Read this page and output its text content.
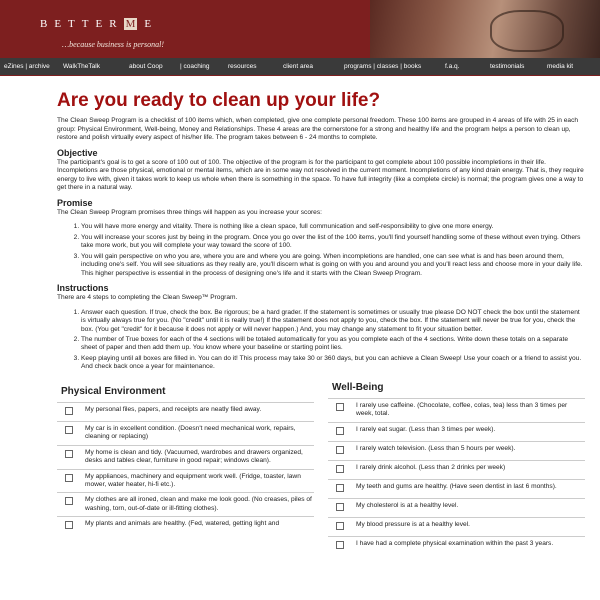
BETTER M E
…because business is personal!
eZines | archive	WalkTheTalk	about Coop	| coaching	resources	client area	programs | classes | books	f.a.q.	testimonials	media kit
Are you ready to clean up your life?

The Clean Sweep Program is a checklist of 100 items which, when completed, give one complete personal freedom. These 100 items are grouped in 4 areas of life with 25 in each group: Physical Environment, Well-being, Money and Relationships. These 4 areas are the cornerstone for a strong and healthy life and the program helps a person to clean up, restore and polish virtually every aspect of his/her life. The program takes between 6 - 24 months to complete.

Objective

The participant's goal is to get a score of 100 out of 100. The objective of the program is for the participant to get complete about 100 possible incompletions in their life. Incompletions are those physical, emotional or mental items, which are in some way not resolved in the current moment. Incompletions of any kind drain energy. That is, they require energy to live with, given it takes work to keep us whole when there is something in the space. To have full integrity (like a complete circle) is normal; the program gives one a way to get there in a natural way.

Promise

The Clean Sweep Program promises three things will happen as you increase your scores:

1. You will have more energy and vitality. There is nothing like a clean space, full communication and self-responsibility to give one more energy.
2. You will increase your scores just by being in the program. Once you go over the list of the 100 items, you'll find yourself handling some of these without even trying. Others take more work, but you will complete your way toward the score of 100.
3. You will gain perspective on who you are, where you are and where you are going. When incompletions are handled, one can see what is and has been around them, including one's self. You will see situations as they really are, you'll discern what is going on with you and around you and you'll react less and choose more in your daily life. This higher perspective is essential in the process of designing one's life and it starts with the Clean Sweep Program.
Instructions

There are 4 steps to completing the Clean Sweep™ Program.

1. Answer each question. If true, check the box. Be rigorous; be a hard grader. If the statement is sometimes or usually true please DO NOT check the box until the statement is virtually always true for you. (No "credit" until it is really true!) If the statement does not apply to you, check the box. If the statement will never be true for you, check the box. (You get "credit" for it because it does not apply or will never happen.) And, you may change any statement to fit your situation better.
2. The number of True boxes for each of the 4 sections will be totaled automatically for you as you complete each of the 4 sections. Write down these totals on a separate sheet of paper and then add them up. You know where your baseline or starting point lies.
3. Keep playing until all boxes are filled in. You can do it! This process may take 30 or 360 days, but you can achieve a Clean Sweep! Use your coach or a friend to assist you. And check back once a year for maintenance.
Physical Environment
My personal files, papers, and receipts are neatly filed away.
My car is in excellent condition. (Doesn't need mechanical work, repairs, cleaning or replacing)
My home is clean and tidy. (Vacuumed, wardrobes and drawers organized, desks and tables clear, furniture in good repair; windows clean).
My appliances, machinery and equipment work well. (Fridge, toaster, lawn mower, water heater, hi-fi etc.).
My clothes are all ironed, clean and make me look good. (No creases, piles of washing, torn, out-of-date or ill-fitting clothes).
My plants and animals are healthy. (Fed, watered, getting light and
Well-Being
I rarely use caffeine. (Chocolate, coffee, colas, tea) less than 3 times per week, total.
I rarely eat sugar. (Less than 3 times per week).
I rarely watch television. (Less than 5 hours per week).
I rarely drink alcohol. (Less than 2 drinks per week)
My teeth and gums are healthy. (Have seen dentist in last 6 months).
My cholesterol is at a healthy level.
My blood pressure is at a healthy level.
I have had a complete physical examination within the past 3 years.
